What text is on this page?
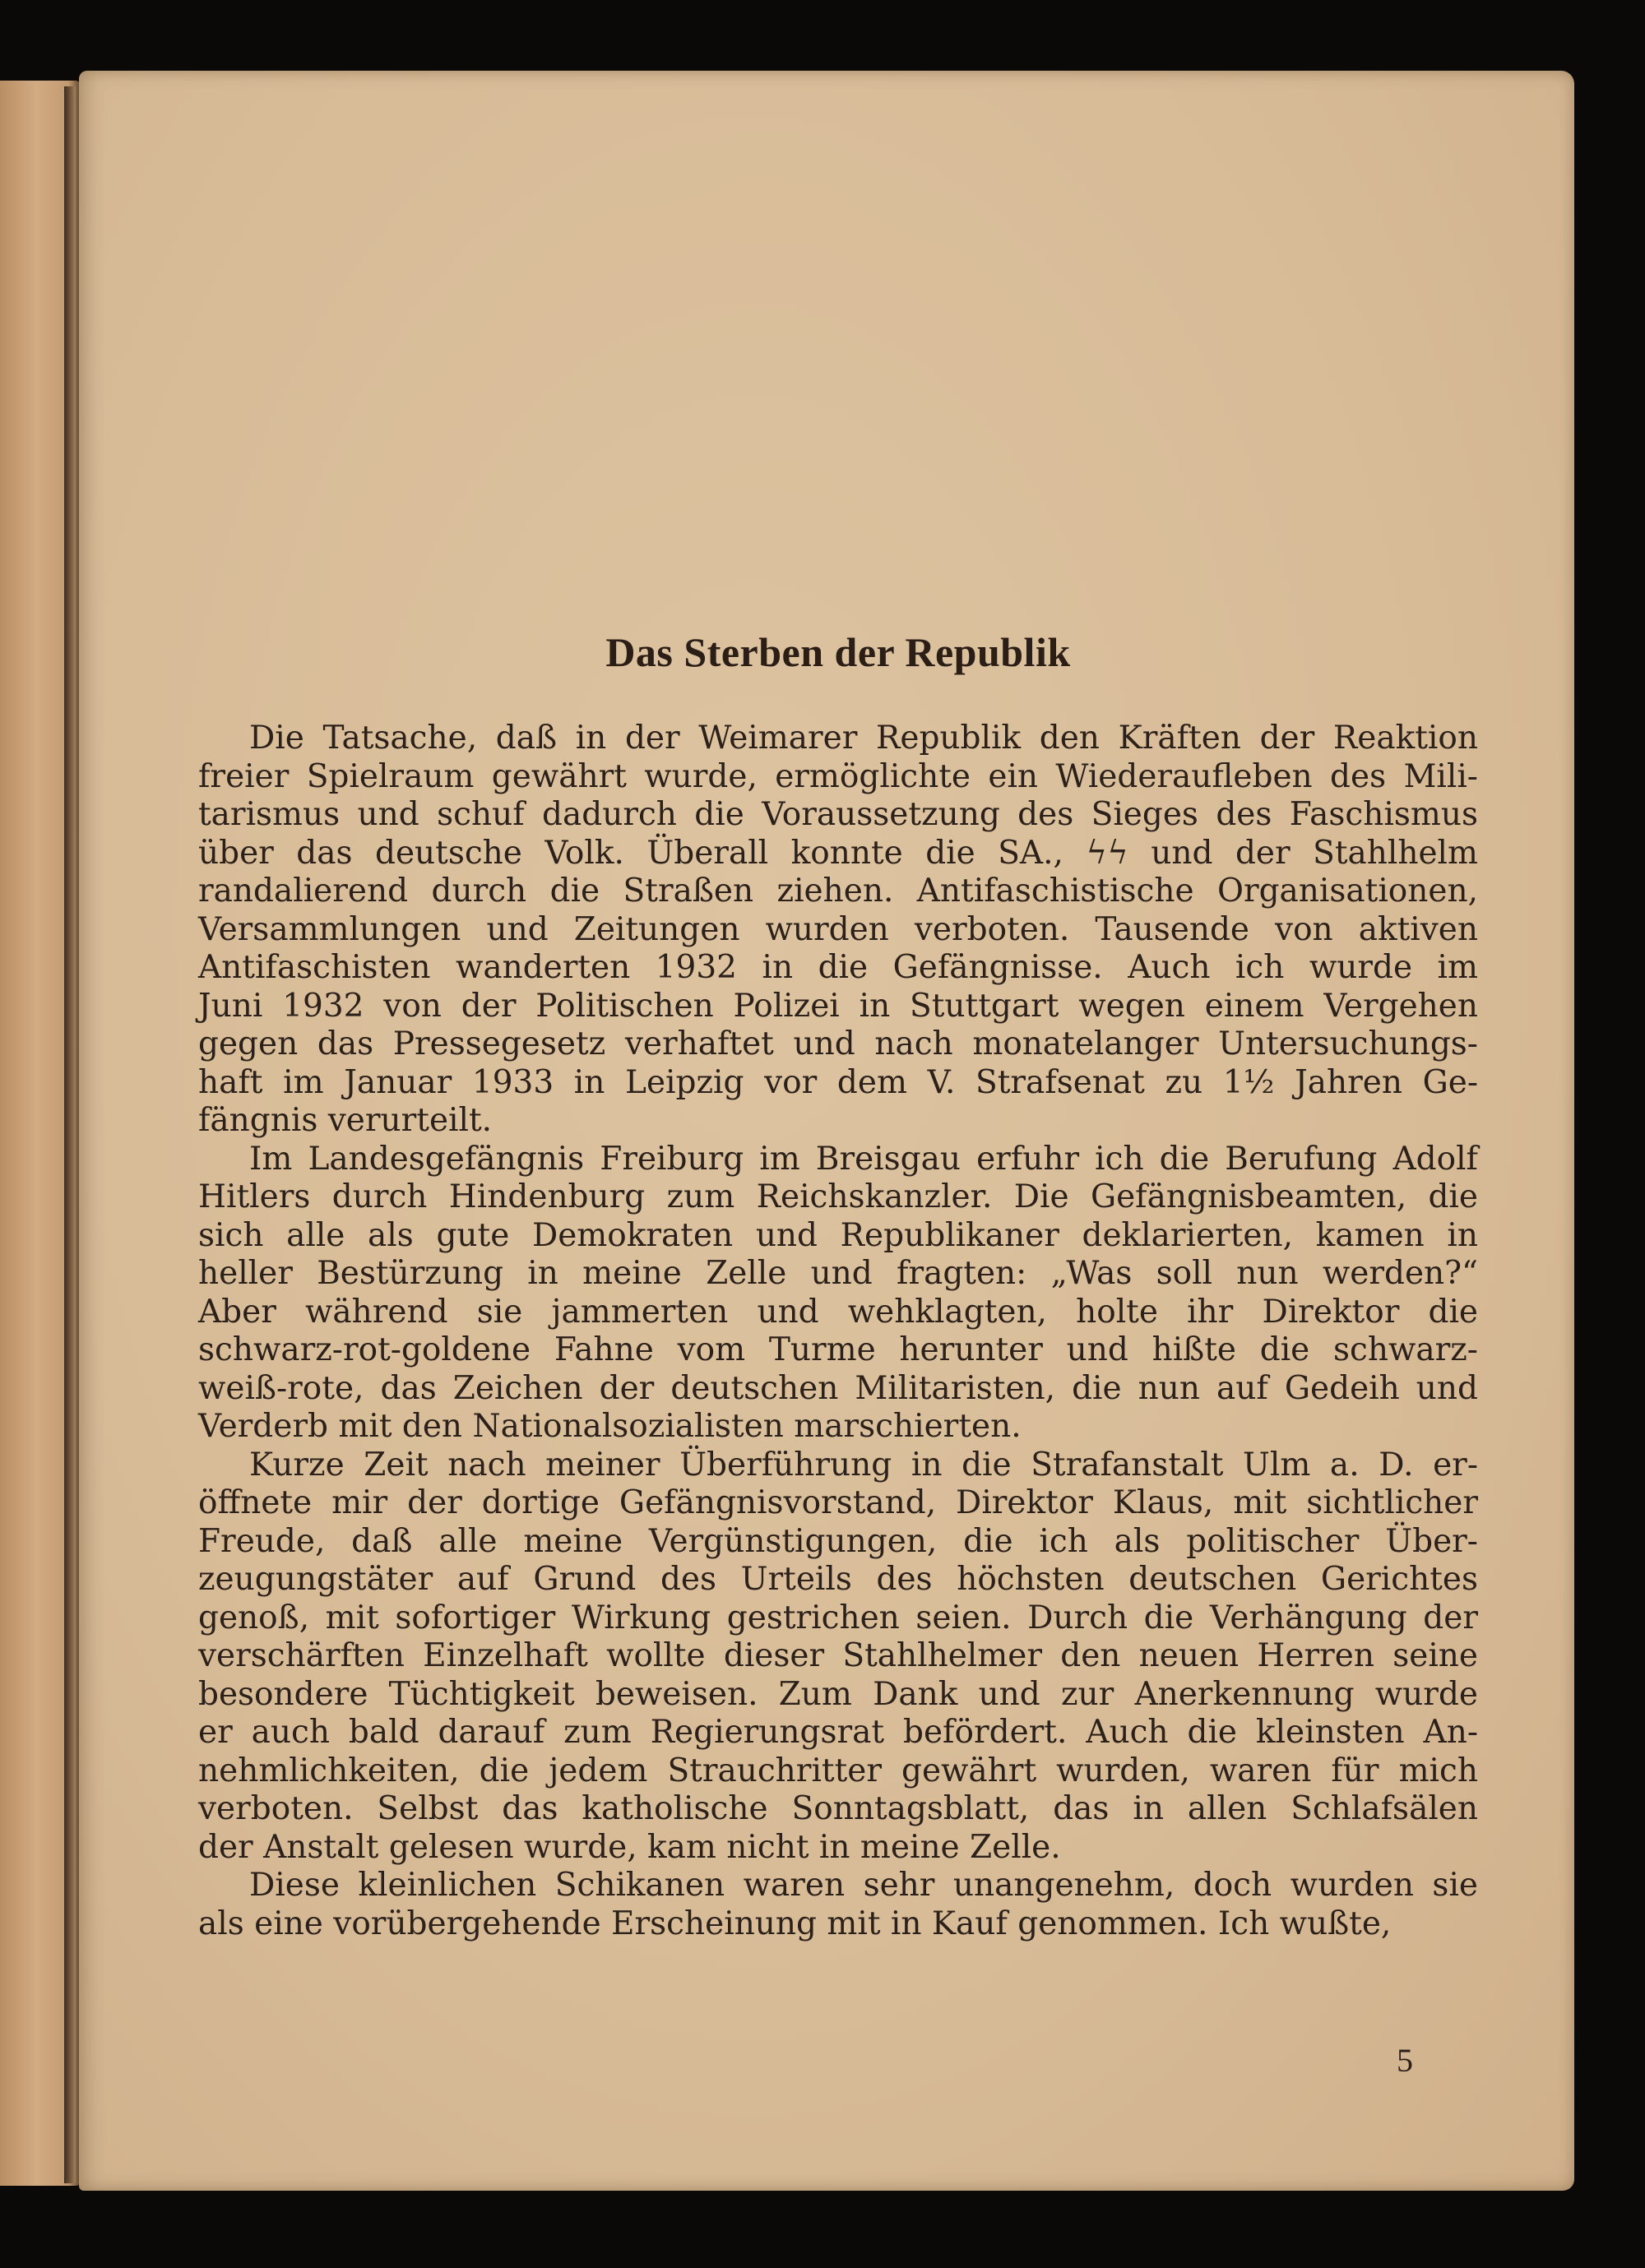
Das Sterben der Republik

Die Tatsache, daß in der Weimarer Republik den Kräften der Reaktion
freier Spielraum gewährt wurde, ermöglichte ein Wiederaufleben des Mili-
tarismus und schuf dadurch die Voraussetzung des Sieges des Faschismus
über das deutsche Volk. Überall konnte die SA., ϟϟ und der Stahlhelm
randalierend durch die Straßen ziehen. Antifaschistische Organisationen,
Versammlungen und Zeitungen wurden verboten. Tausende von aktiven
Antifaschisten wanderten 1932 in die Gefängnisse. Auch ich wurde im
Juni 1932 von der Politischen Polizei in Stuttgart wegen einem Vergehen
gegen das Pressegesetz verhaftet und nach monatelanger Untersuchungs-
haft im Januar 1933 in Leipzig vor dem V. Strafsenat zu 1½ Jahren Ge-
fängnis verurteilt.

Im Landesgefängnis Freiburg im Breisgau erfuhr ich die Berufung Adolf
Hitlers durch Hindenburg zum Reichskanzler. Die Gefängnisbeamten, die
sich alle als gute Demokraten und Republikaner deklarierten, kamen in
heller Bestürzung in meine Zelle und fragten: „Was soll nun werden?“
Aber während sie jammerten und wehklagten, holte ihr Direktor die
schwarz-rot-goldene Fahne vom Turme herunter und hißte die schwarz-
weiß-rote, das Zeichen der deutschen Militaristen, die nun auf Gedeih und
Verderb mit den Nationalsozialisten marschierten.

Kurze Zeit nach meiner Überführung in die Strafanstalt Ulm a. D. er-
öffnete mir der dortige Gefängnisvorstand, Direktor Klaus, mit sichtlicher
Freude, daß alle meine Vergünstigungen, die ich als politischer Über-
zeugungstäter auf Grund des Urteils des höchsten deutschen Gerichtes
genoß, mit sofortiger Wirkung gestrichen seien. Durch die Verhängung der
verschärften Einzelhaft wollte dieser Stahlhelmer den neuen Herren seine
besondere Tüchtigkeit beweisen. Zum Dank und zur Anerkennung wurde
er auch bald darauf zum Regierungsrat befördert. Auch die kleinsten An-
nehmlichkeiten, die jedem Strauchritter gewährt wurden, waren für mich
verboten. Selbst das katholische Sonntagsblatt, das in allen Schlafsälen
der Anstalt gelesen wurde, kam nicht in meine Zelle.

Diese kleinlichen Schikanen waren sehr unangenehm, doch wurden sie
als eine vorübergehende Erscheinung mit in Kauf genommen. Ich wußte,

5
